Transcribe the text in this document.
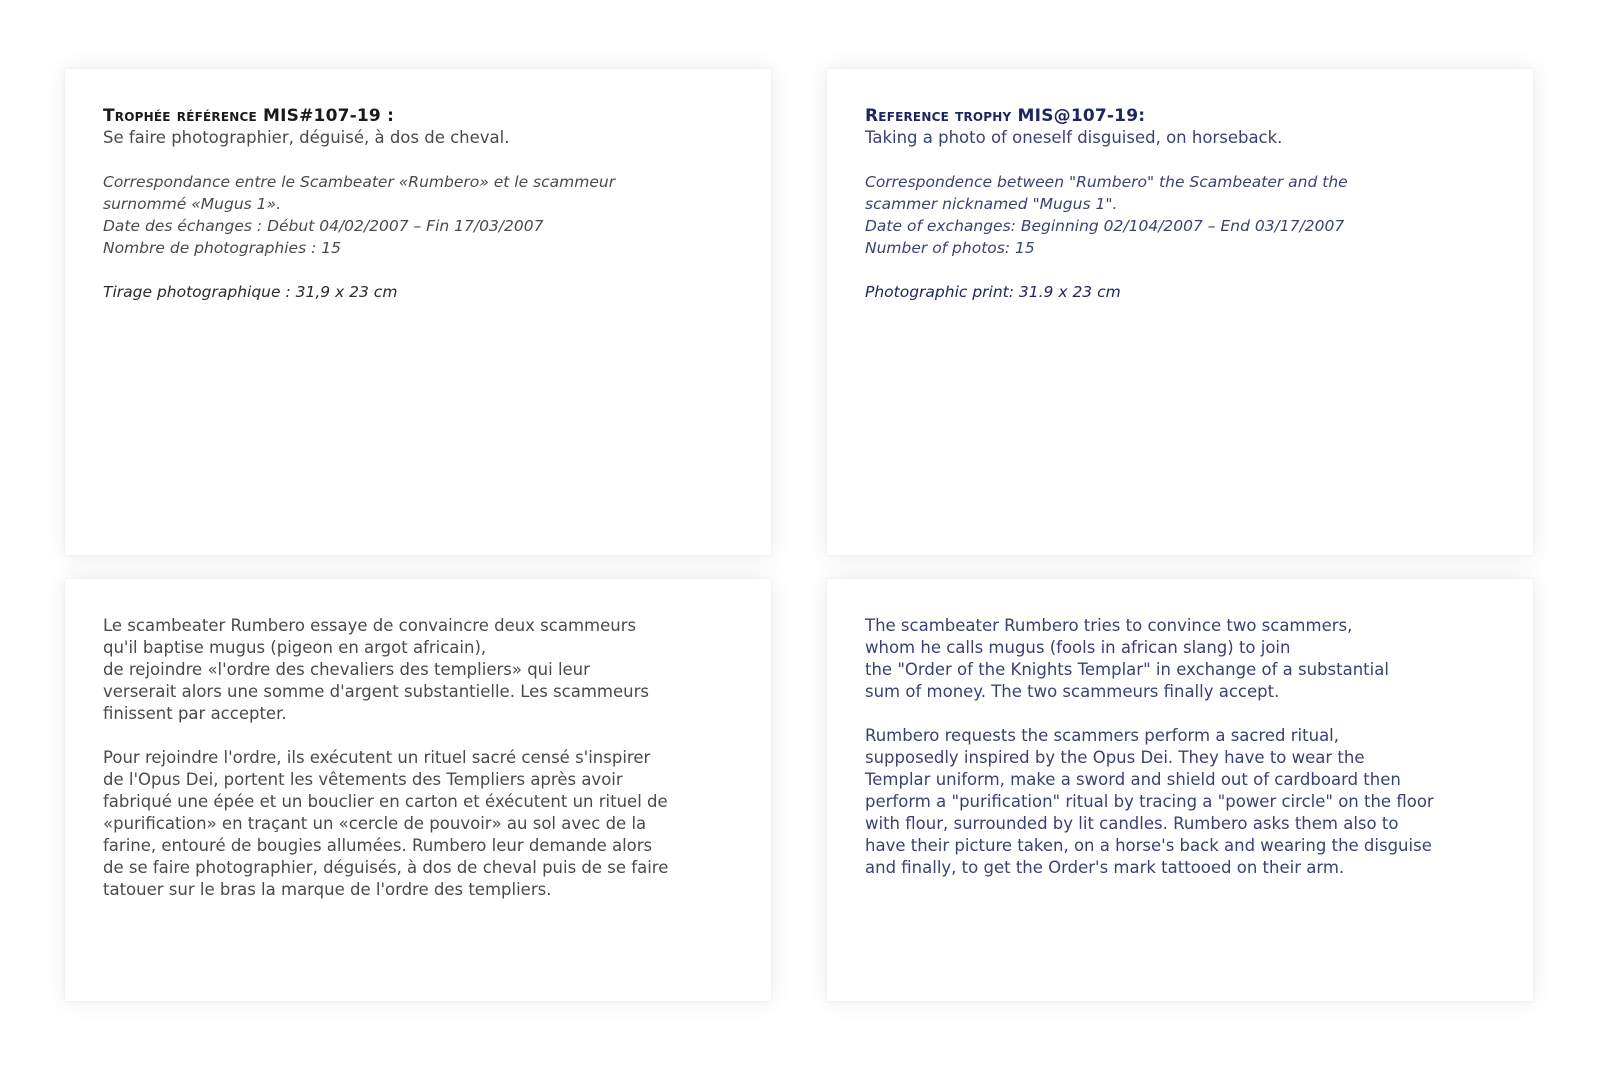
Trophée référence MIS#107-19 :

Se faire photographier, déguisé, à dos de cheval.

Correspondance entre le Scambeater «Rumbero» et le scammeur

surnommé «Mugus 1».

Date des échanges : Début 04/02/2007 – Fin 17/03/2007

Nombre de photographies : 15

Tirage photographique : 31,9 x 23 cm

Reference trophy MIS@107-19:

Taking a photo of oneself disguised, on horseback.

Correspondence between "Rumbero" the Scambeater and the

scammer nicknamed "Mugus 1".

Date of exchanges: Beginning 02/104/2007 – End 03/17/2007

Number of photos: 15

Photographic print: 31.9 x 23 cm

Le scambeater Rumbero essaye de convaincre deux scammeurs

qu'il baptise mugus (pigeon en argot africain),

de rejoindre «l'ordre des chevaliers des templiers» qui leur

verserait alors une somme d'argent substantielle. Les scammeurs

finissent par accepter.

Pour rejoindre l'ordre, ils exécutent un rituel sacré censé s'inspirer

de l'Opus Dei, portent les vêtements des Templiers après avoir

fabriqué une épée et un bouclier en carton et éxécutent un rituel de

«purification» en traçant un «cercle de pouvoir» au sol avec de la

farine, entouré de bougies allumées. Rumbero leur demande alors

de se faire photographier, déguisés, à dos de cheval puis de se faire

tatouer sur le bras la marque de l'ordre des templiers.

The scambeater Rumbero tries to convince two scammers,

whom he calls mugus (fools in african slang) to join

the "Order of the Knights Templar" in exchange of a substantial

sum of money. The two scammeurs finally accept.

Rumbero requests the scammers perform a sacred ritual,

supposedly inspired by the Opus Dei. They have to wear the

Templar uniform, make a sword and shield out of cardboard then

perform a "purification" ritual by tracing a "power circle" on the floor

with flour, surrounded by lit candles. Rumbero asks them also to

have their picture taken, on a horse's back and wearing the disguise

and finally, to get the Order's mark tattooed on their arm.
